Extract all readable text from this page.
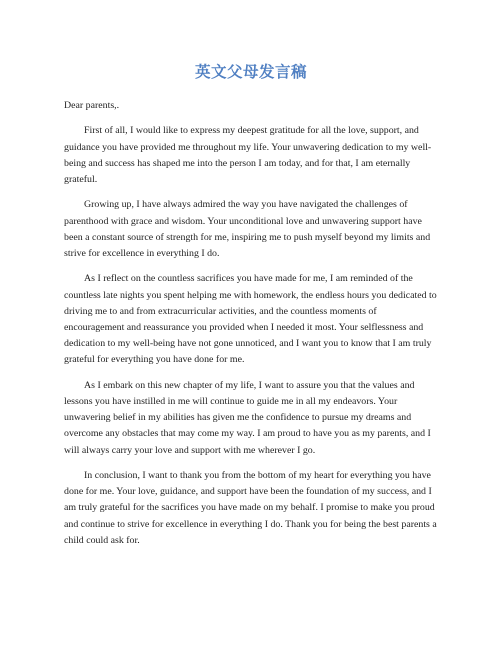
英文父母发言稿

Dear parents,.

First of all, I would like to express my deepest gratitude for all the love, support, and guidance you have provided me throughout my life. Your unwavering dedication to my well-being and success has shaped me into the person I am today, and for that, I am eternally grateful.

Growing up, I have always admired the way you have navigated the challenges of parenthood with grace and wisdom. Your unconditional love and unwavering support have been a constant source of strength for me, inspiring me to push myself beyond my limits and strive for excellence in everything I do.

As I reflect on the countless sacrifices you have made for me, I am reminded of the countless late nights you spent helping me with homework, the endless hours you dedicated to driving me to and from extracurricular activities, and the countless moments of encouragement and reassurance you provided when I needed it most. Your selflessness and dedication to my well-being have not gone unnoticed, and I want you to know that I am truly grateful for everything you have done for me.

As I embark on this new chapter of my life, I want to assure you that the values and lessons you have instilled in me will continue to guide me in all my endeavors. Your unwavering belief in my abilities has given me the confidence to pursue my dreams and overcome any obstacles that may come my way. I am proud to have you as my parents, and I will always carry your love and support with me wherever I go.

In conclusion, I want to thank you from the bottom of my heart for everything you have done for me. Your love, guidance, and support have been the foundation of my success, and I am truly grateful for the sacrifices you have made on my behalf. I promise to make you proud and continue to strive for excellence in everything I do. Thank you for being the best parents a child could ask for.
